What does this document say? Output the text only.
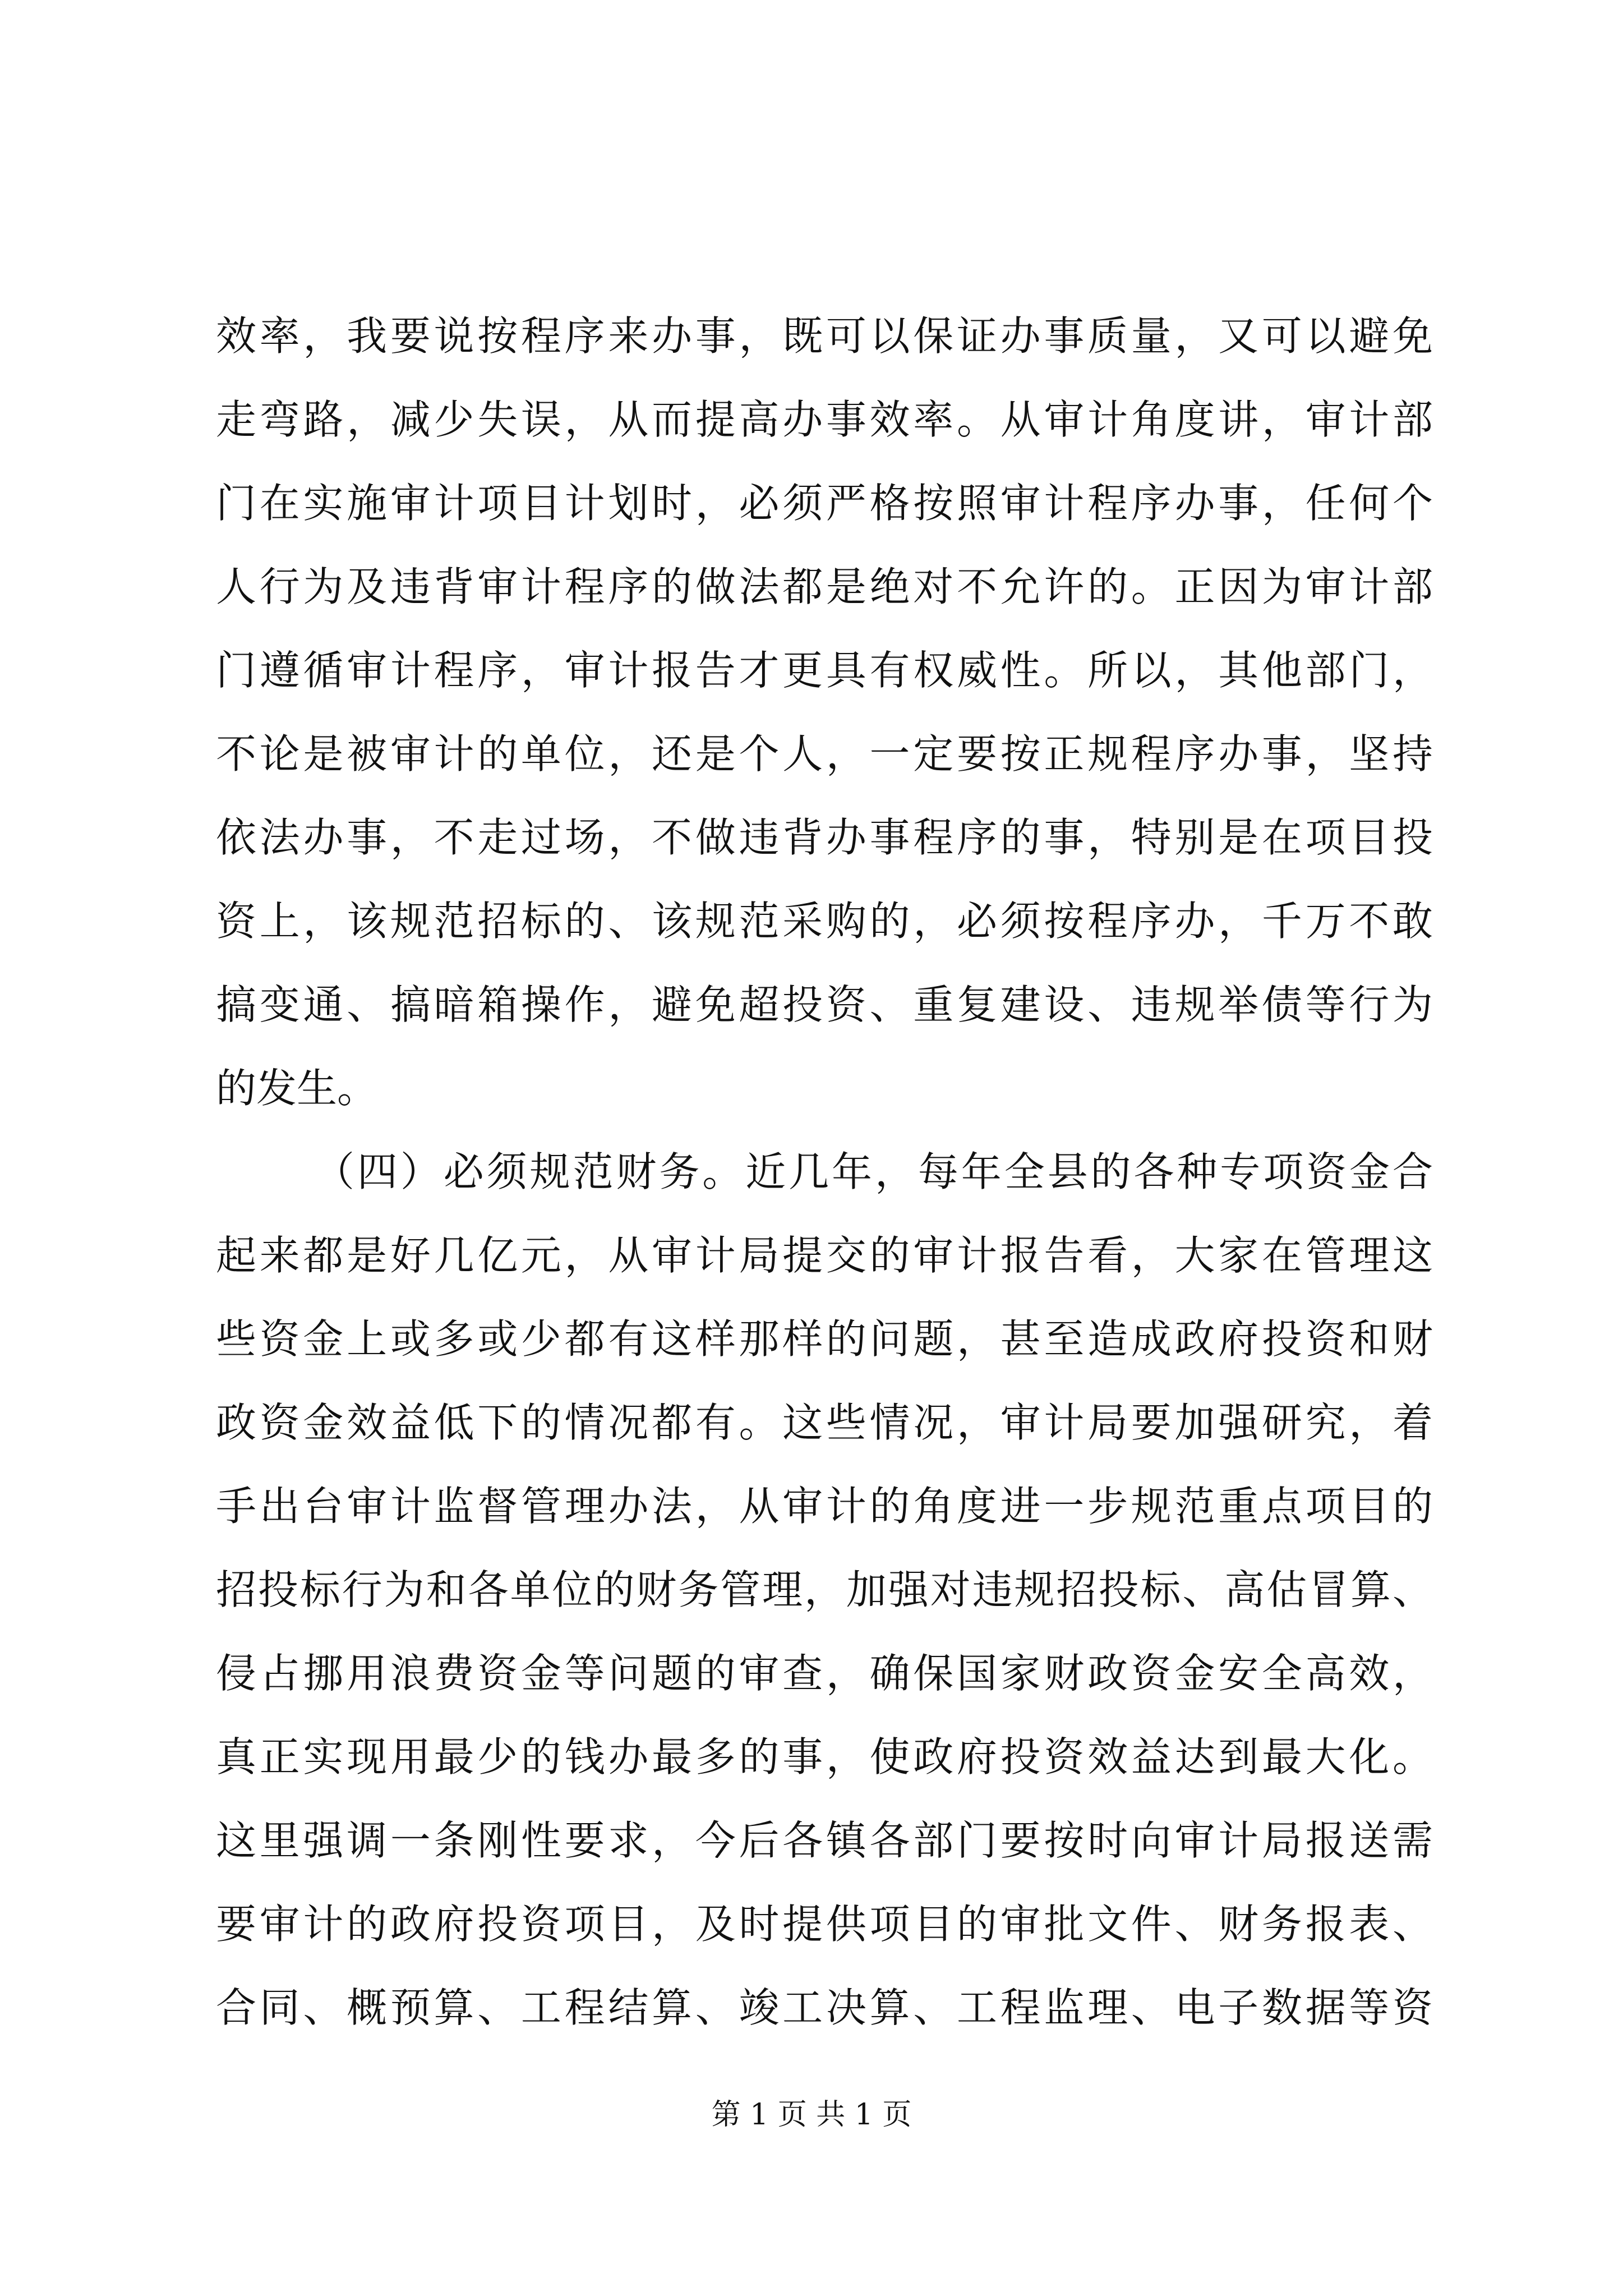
效率，我要说按程序来办事，既可以保证办事质量，又可以避免
走弯路，减少失误，从而提高办事效率。从审计角度讲，审计部
门在实施审计项目计划时，必须严格按照审计程序办事，任何个
人行为及违背审计程序的做法都是绝对不允许的。正因为审计部
门遵循审计程序，审计报告才更具有权威性。所以，其他部门，
不论是被审计的单位，还是个人，一定要按正规程序办事，坚持
依法办事，不走过场，不做违背办事程序的事，特别是在项目投
资上，该规范招标的、该规范采购的，必须按程序办，千万不敢
搞变通、搞暗箱操作，避免超投资、重复建设、违规举债等行为
的发生。
（四）必须规范财务。近几年，每年全县的各种专项资金合
起来都是好几亿元，从审计局提交的审计报告看，大家在管理这
些资金上或多或少都有这样那样的问题，甚至造成政府投资和财
政资金效益低下的情况都有。这些情况，审计局要加强研究，着
手出台审计监督管理办法，从审计的角度进一步规范重点项目的
招投标行为和各单位的财务管理，加强对违规招投标、高估冒算、
侵占挪用浪费资金等问题的审查，确保国家财政资金安全高效，
真正实现用最少的钱办最多的事，使政府投资效益达到最大化。
这里强调一条刚性要求，今后各镇各部门要按时向审计局报送需
要审计的政府投资项目，及时提供项目的审批文件、财务报表、
合同、概预算、工程结算、竣工决算、工程监理、电子数据等资
第 1 页 共 1 页
